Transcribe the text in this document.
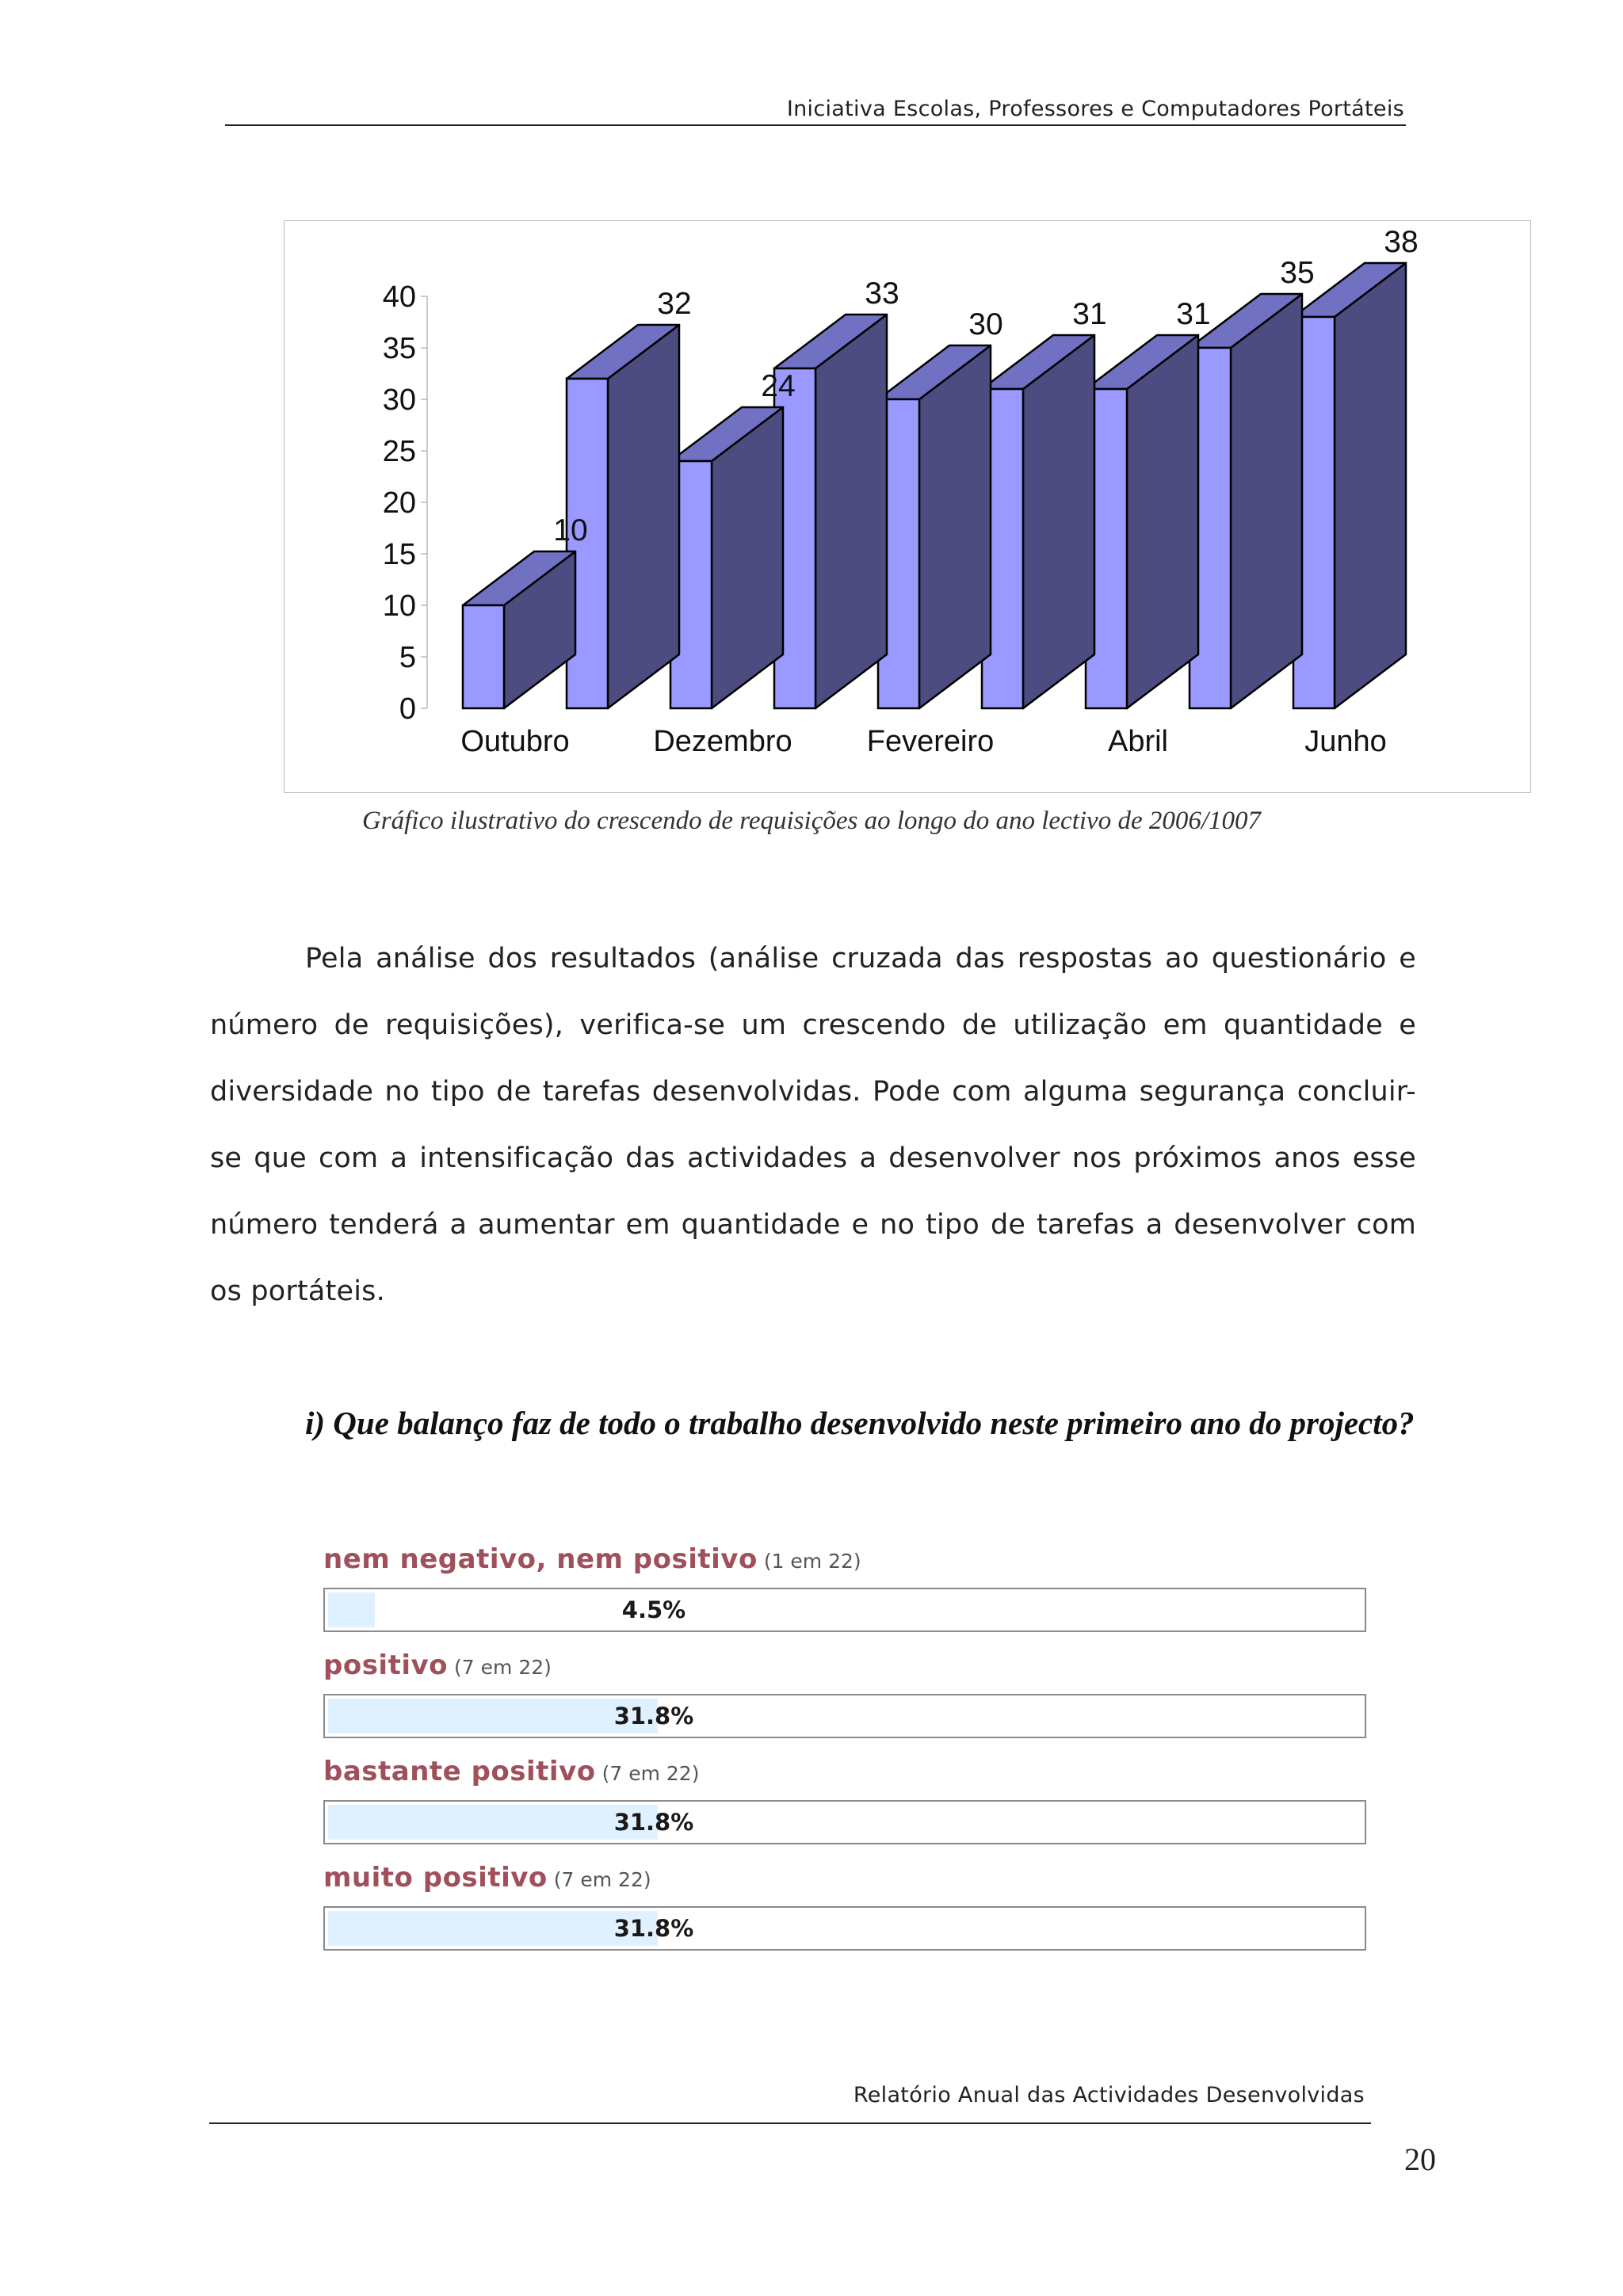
Iniciativa Escolas, Professores e Computadores Portáteis
0
5
10
15
20
25
30
35
40
10
32
24
33
30 31 31
35
38
Outubro	Dezembro Fevereiro	Abril	Junho
Gráfico ilustrativo do crescendo de requisições ao longo do ano lectivo de 2006/1007
Pela análise dos resultados (análise cruzada das respostas ao questionário e número de requisições), verifica-se um crescendo de utilização em quantidade e diversidade no tipo de tarefas desenvolvidas. Pode com alguma segurança concluir-se que com a intensificação das actividades a desenvolver nos próximos anos esse número tenderá a aumentar em quantidade e no tipo de tarefas a desenvolver com os portáteis.
i) Que balanço faz de todo o trabalho desenvolvido neste primeiro ano do projecto?
nem negativo, nem positivo (1 em 22)
4.5%
positivo (7 em 22)
31.8%
bastante positivo (7 em 22)
31.8%
muito positivo (7 em 22)
31.8%
Relatório Anual das Actividades Desenvolvidas
20
